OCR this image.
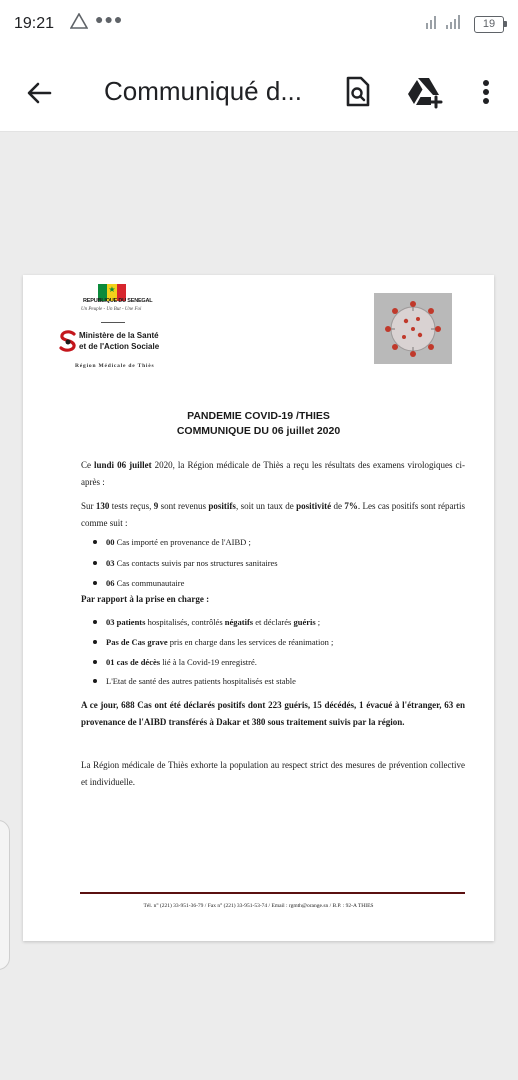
19:21	●●●	19
Communiqué d...
★
REPUBLIQUE DU SENEGAL
Un Peuple - Un But - Une Foi
Ministère de la Santé
et de l'Action Sociale
Région Médicale de Thiès
PANDEMIE COVID-19 /THIES
COMMUNIQUE DU 06 juillet 2020
Ce lundi 06 juillet 2020, la Région médicale de Thiès a reçu les résultats des examens virologiques ci-après :
Sur 130 tests reçus, 9 sont revenus positifs, soit un taux de positivité de 7%. Les cas positifs sont répartis comme suit :
00 Cas importé en provenance de l'AIBD ;
03 Cas contacts suivis par nos structures sanitaires
06 Cas communautaire
Par rapport à la prise en charge :
03 patients hospitalisés, contrôlés négatifs et déclarés guéris ;
Pas de Cas grave pris en charge dans les services de réanimation ;
01 cas de décès lié à la Covid-19 enregistré.
L'Etat de santé des autres patients hospitalisés est stable
A ce jour, 688 Cas ont été déclarés positifs dont 223 guéris, 15 décédés, 1 évacué à l'étranger, 63 en provenance de l'AIBD transférés à Dakar et 380 sous traitement suivis par la région.
La Région médicale de Thiès exhorte la population au respect strict des mesures de prévention collective et individuelle.
Tél. n° (221) 33-951-36-79 / Fax n° (221) 33-951-53-74 / Email : rgmth@orange.sn / B.P. : 92-A THIES
